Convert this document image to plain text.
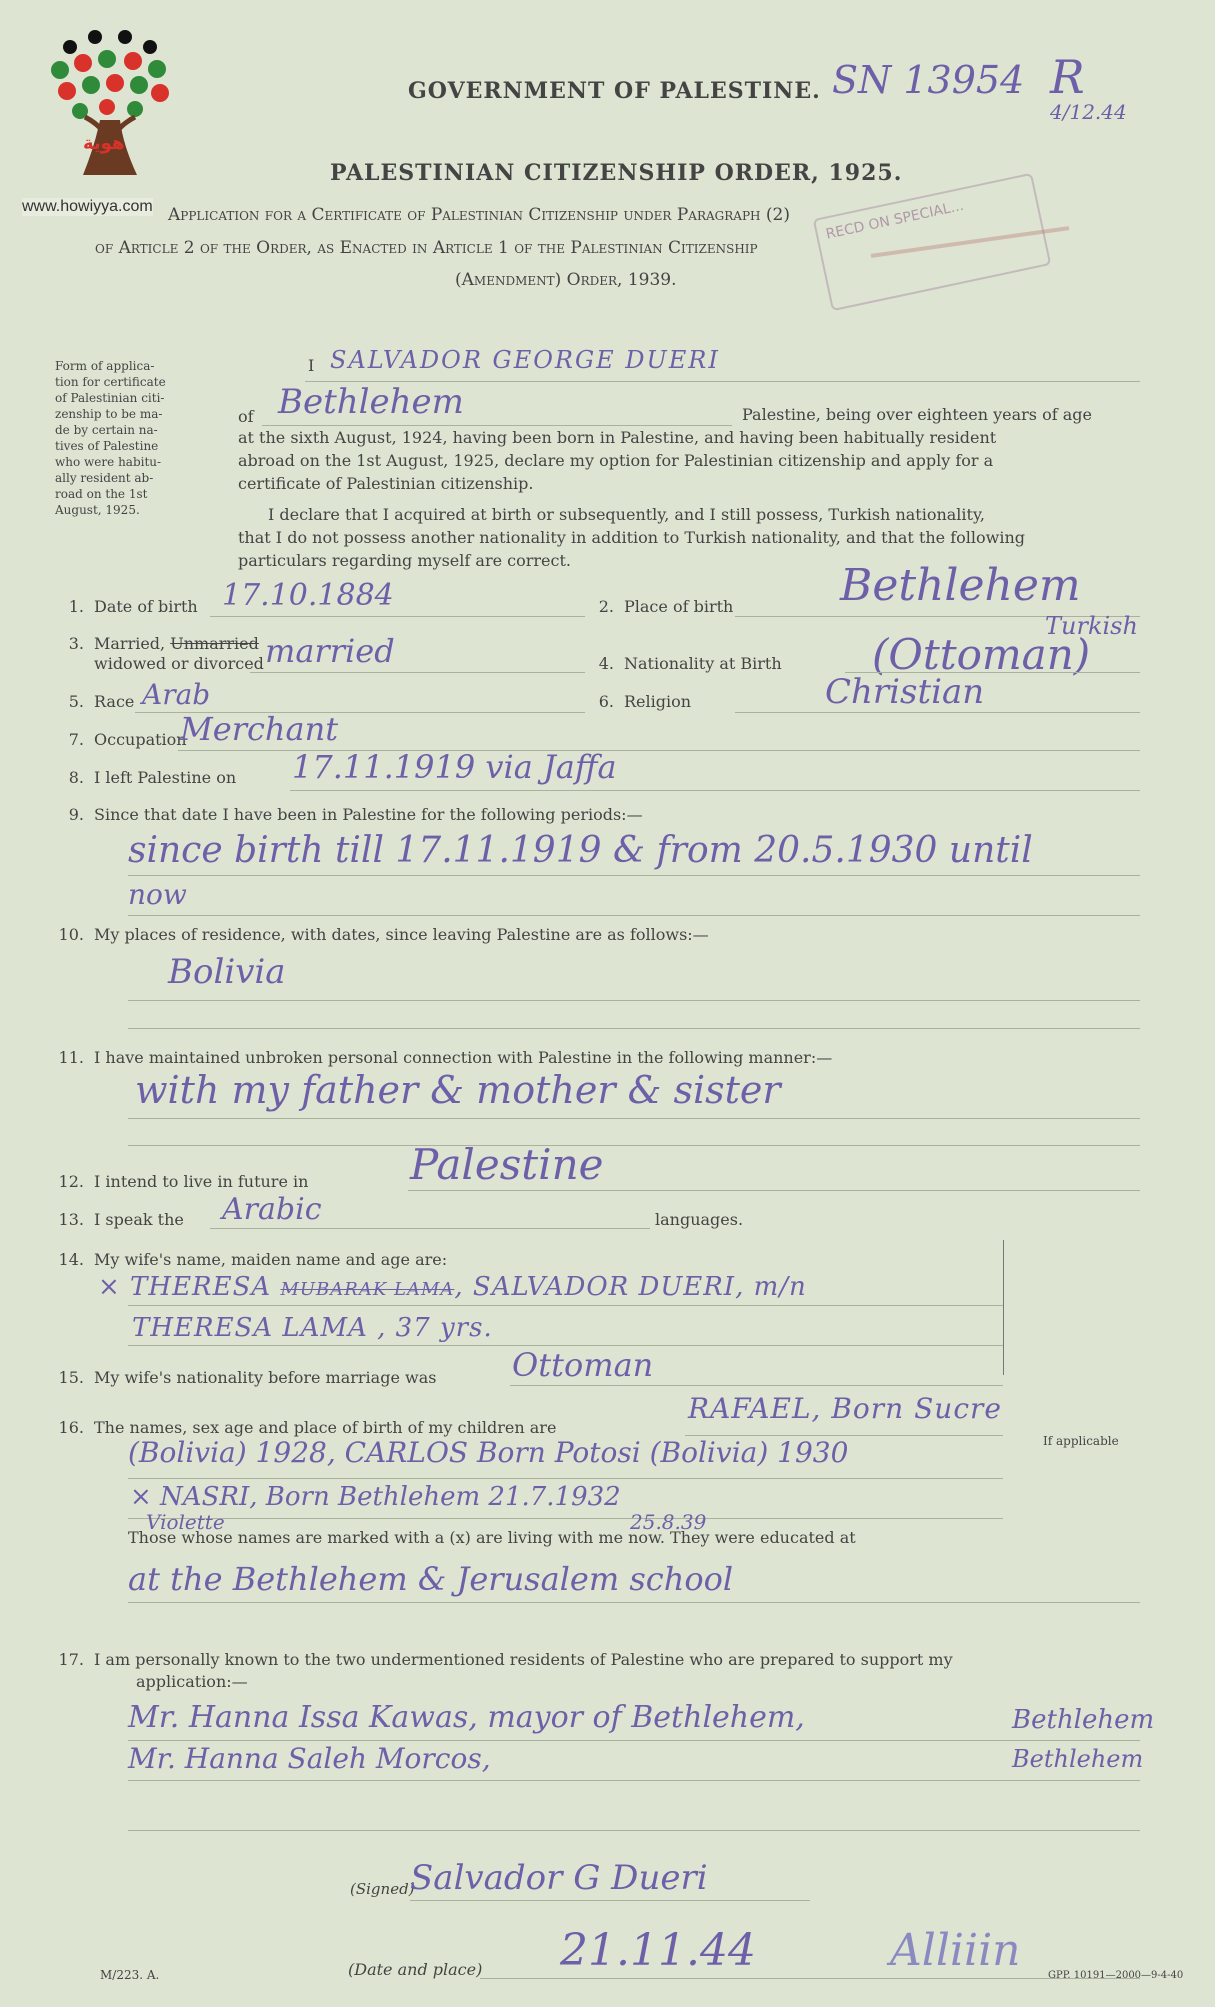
هوية
www.howiyya.com
SN 13954 R
4/12.44
GOVERNMENT OF PALESTINE.
PALESTINIAN CITIZENSHIP ORDER, 1925.
Application for a Certificate of Palestinian Citizenship under Paragraph (2)
of Article 2 of the Order, as Enacted in Article 1 of the Palestinian Citizenship
(Amendment) Order, 1939.
RECD ON SPECIAL...
Form of applica-
tion for certificate
of Palestinian citi-
zenship to be ma-
de by certain na-
tives of Palestine
who were habitu-
ally resident ab-
road on the 1st
August, 1925.
I SALVADOR GEORGE DUERI
of Bethlehem	Palestine, being over eighteen years of age
at the sixth August, 1924, having been born in Palestine, and having been habitually resident
abroad on the 1st August, 1925, declare my option for Palestinian citizenship and apply for a
certificate of Palestinian citizenship.
I declare that I acquired at birth or subsequently, and I still possess, Turkish nationality,
that I do not possess another nationality in addition to Turkish nationality, and that the following
particulars regarding myself are correct.
1. Date of birth 17.10.1884	2. Place of birth Bethlehem
3. Married, Unmarried
widowed or divorced married	4. Nationality at Birth (Ottoman)
Turkish
5. Race Arab	6. Religion	Christian
7. Occupation
Merchant
8. I left Palestine on 17.11.1919 via Jaffa
9. Since that date I have been in Palestine for the following periods:—
since birth till 17.11.1919 & from 20.5.1930 until
now
10. My places of residence, with dates, since leaving Palestine are as follows:—
Bolivia
11. I have maintained unbroken personal connection with Palestine in the following manner:—
with my father & mother & sister
12. I intend to live in future in Palestine
13. I speak the Arabic	languages.
14. My wife's name, maiden name and age are:
× THERESA MUBARAK LAMA, SALVADOR DUERI, m/n
THERESA LAMA , 37 yrs.
15. My wife's nationality before marriage was Ottoman
16. The names, sex age and place of birth of my children are
RAFAEL, Born Sucre
If applicable
(Bolivia) 1928, CARLOS Born Potosi (Bolivia) 1930
× NASRI, Born Bethlehem 21.7.1932
Violette	25.8.39
Those whose names are marked with a (x) are living with me now. They were educated at
at the Bethlehem & Jerusalem school
17. I am personally known to the two undermentioned residents of Palestine who are prepared to support my
application:—
Mr. Hanna Issa Kawas, mayor of Bethlehem,	Bethlehem
Mr. Hanna Saleh Morcos,	Bethlehem
(Signed)
Salvador G Dueri
(Date and place) 21.11.44	Alliiin
M/223. A.	GPP. 10191—2000—9-4-40
